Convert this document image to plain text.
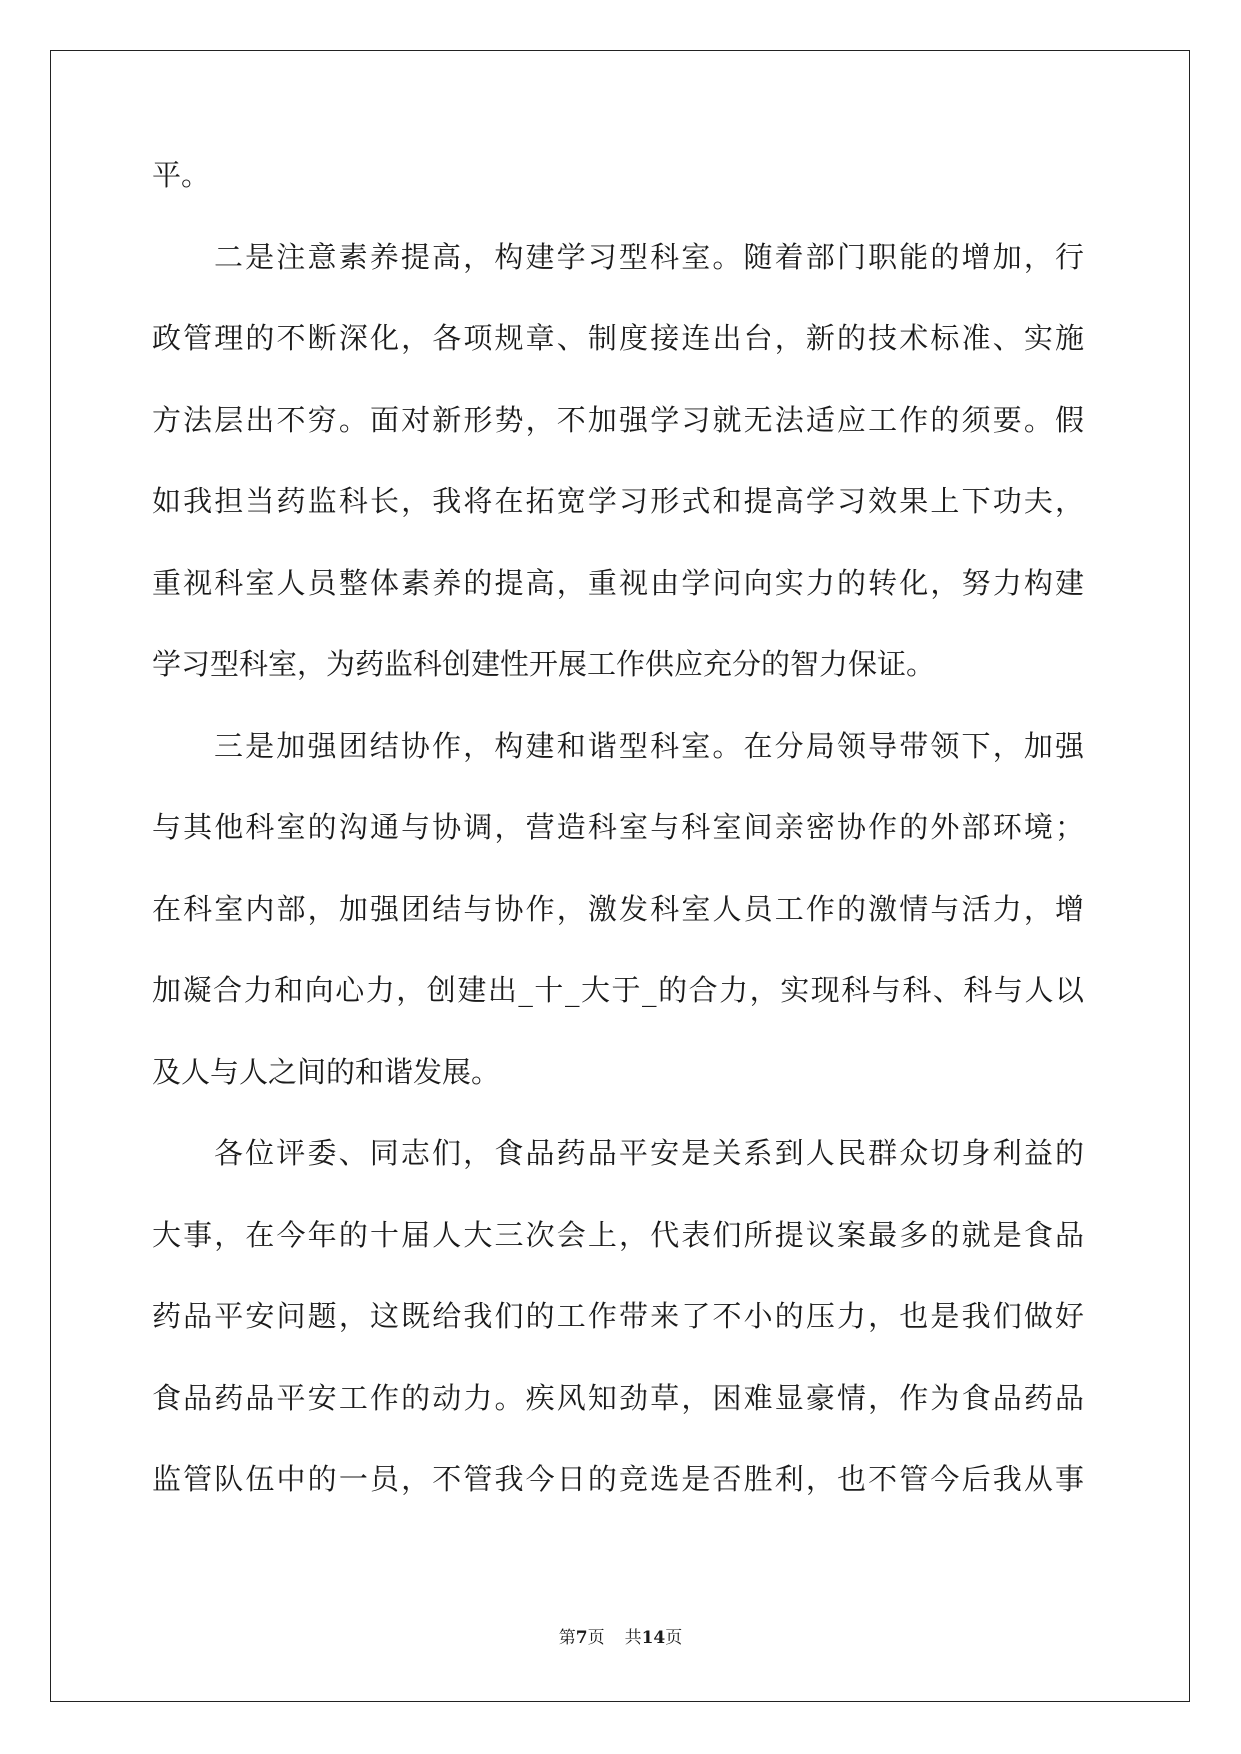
平。
二是注意素养提高，构建学习型科室。随着部门职能的增加，行
政管理的不断深化，各项规章、制度接连出台，新的技术标准、实施
方法层出不穷。面对新形势，不加强学习就无法适应工作的须要。假
如我担当药监科长，我将在拓宽学习形式和提高学习效果上下功夫，
重视科室人员整体素养的提高，重视由学问向实力的转化，努力构建
学习型科室，为药监科创建性开展工作供应充分的智力保证。
三是加强团结协作，构建和谐型科室。在分局领导带领下，加强
与其他科室的沟通与协调，营造科室与科室间亲密协作的外部环境；
在科室内部，加强团结与协作，激发科室人员工作的激情与活力，增
加凝合力和向心力，创建出_十_大于_的合力，实现科与科、科与人以
及人与人之间的和谐发展。
各位评委、同志们，食品药品平安是关系到人民群众切身利益的
大事，在今年的十届人大三次会上，代表们所提议案最多的就是食品
药品平安问题，这既给我们的工作带来了不小的压力，也是我们做好
食品药品平安工作的动力。疾风知劲草，困难显豪情，作为食品药品
监管队伍中的一员，不管我今日的竞选是否胜利，也不管今后我从事
第7页 共14页
